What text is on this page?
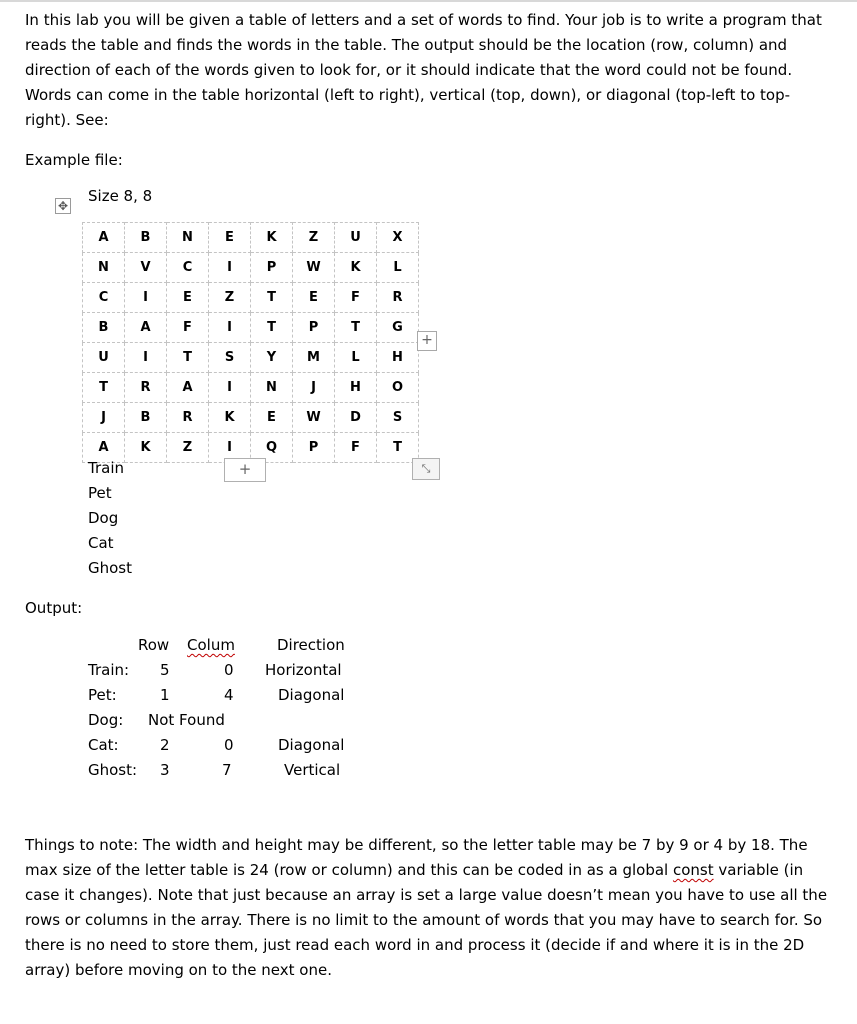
In this lab you will be given a table of letters and a set of words to find. Your job is to write a program that reads the table and finds the words in the table. The output should be the location (row, column) and direction of each of the words given to look for, or it should indicate that the word could not be found. Words can come in the table horizontal (left to right), vertical (top, down), or diagonal (top-left to top-right). See:

Example file:

✥
Size 8, 8
A	B	N	E	K	Z	U	X
N	V	C	I	P	W	K	L
C	I	E	Z	T	E	F	R
B	A	F	I	T	P	T	G
U	I	T	S	Y	M	L	H
T	R	A	I	N	J	H	O
J	B	R	K	E	W	D	S
A	K	Z	I	Q	P	F	T
+
+	⤡
Train
Pet
Dog
Cat
Ghost

Output:

Row Colum	Direction
Train: 5	0 Horizontal
Pet:	1	4	Diagonal
Dog: Not Found
Cat:	2	0	Diagonal
Ghost: 3	7	Vertical

Things to note: The width and height may be different, so the letter table may be 7 by 9 or 4 by 18. The max size of the letter table is 24 (row or column) and this can be coded in as a global const variable (in case it changes). Note that just because an array is set a large value doesn’t mean you have to use all the rows or columns in the array. There is no limit to the amount of words that you may have to search for. So there is no need to store them, just read each word in and process it (decide if and where it is in the 2D array) before moving on to the next one.
